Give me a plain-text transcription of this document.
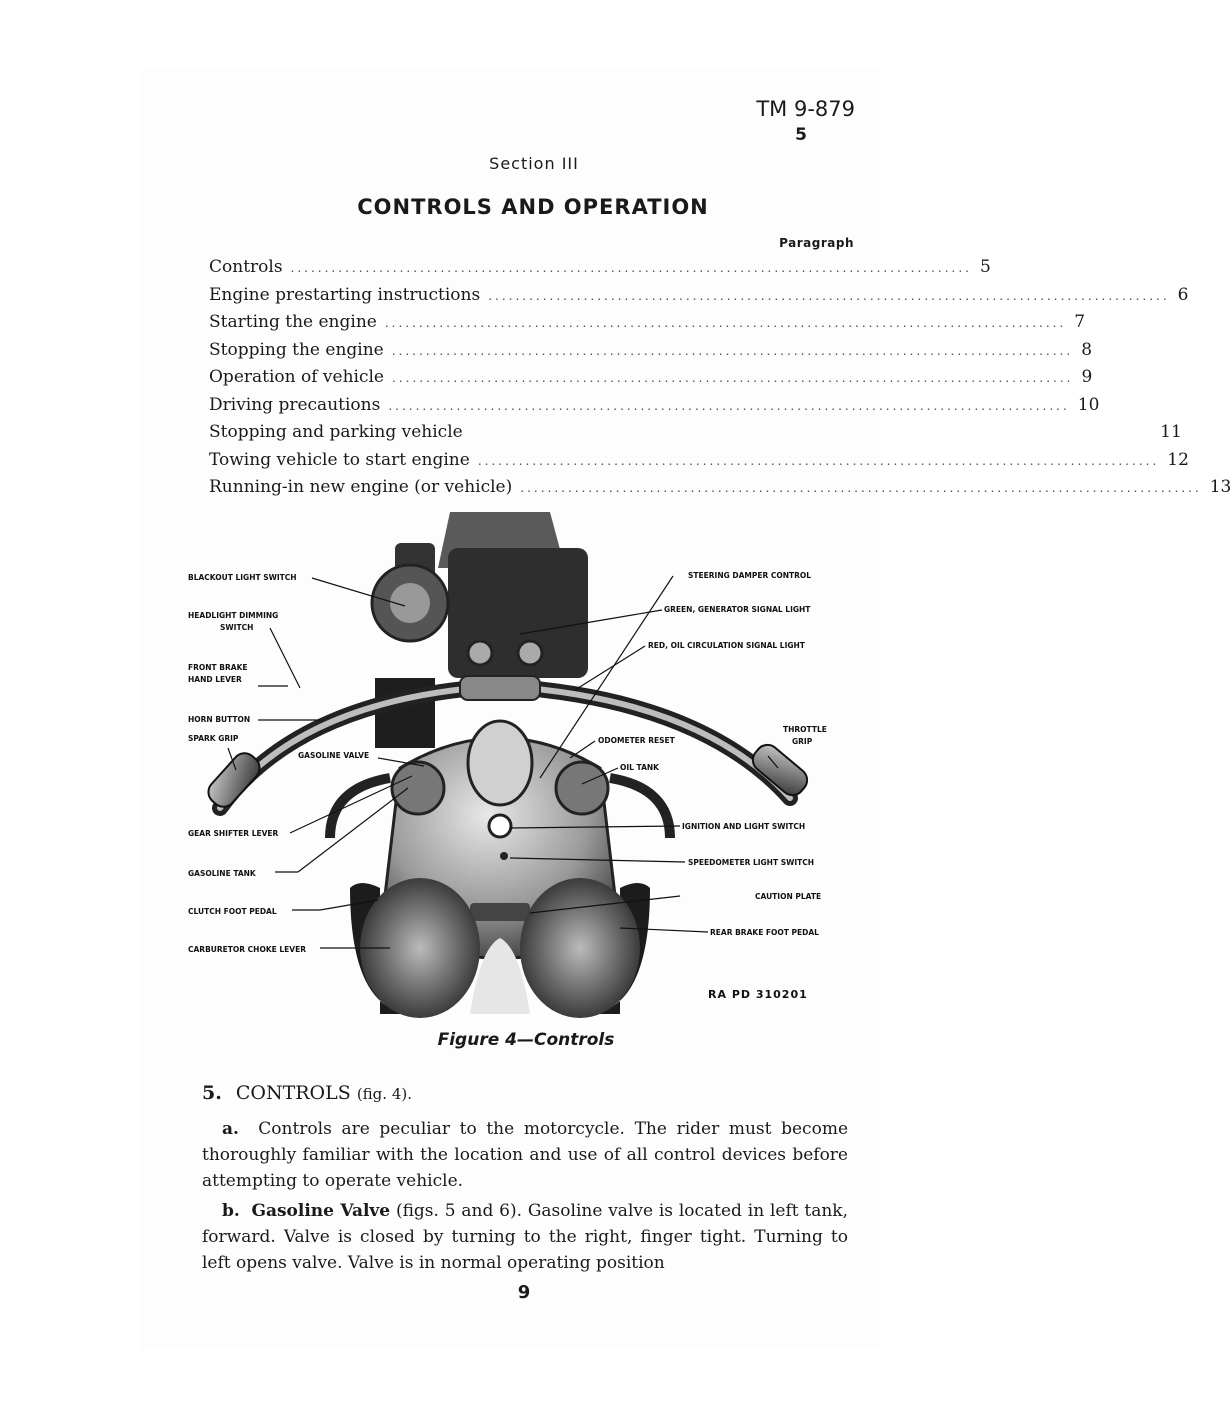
TM 9-879
5
Section III
CONTROLS AND OPERATION
Paragraph
Controls .................................................................................................... 5
Engine prestarting instructions .................................................................................................... 6
Starting the engine .................................................................................................... 7
Stopping the engine .................................................................................................... 8
Operation of vehicle .................................................................................................... 9
Driving precautions .................................................................................................... 10
Stopping and parking vehicle	11
Towing vehicle to start engine .................................................................................................... 12
Running-in new engine (or vehicle) .................................................................................................... 13
BLACKOUT LIGHT SWITCH
HEADLIGHT DIMMING
SWITCH
FRONT BRAKE
HAND LEVER
HORN BUTTON
SPARK GRIP
GASOLINE VALVE
GEAR SHIFTER LEVER
GASOLINE TANK
CLUTCH FOOT PEDAL
CARBURETOR CHOKE LEVER
STEERING DAMPER CONTROL
GREEN, GENERATOR SIGNAL LIGHT
RED, OIL CIRCULATION SIGNAL LIGHT
THROTTLE
GRIP
ODOMETER RESET
OIL TANK
IGNITION AND LIGHT SWITCH
SPEEDOMETER LIGHT SWITCH
CAUTION PLATE
REAR BRAKE FOOT PEDAL
RA PD 310201
Figure 4—Controls
5. CONTROLS (fig. 4).
a. Controls are peculiar to the motorcycle. The rider must become thoroughly familiar with the location and use of all control devices before attempting to operate vehicle.
b. Gasoline Valve (figs. 5 and 6). Gasoline valve is located in left tank, forward. Valve is closed by turning to the right, finger tight. Turning to left opens valve. Valve is in normal operating position
9
